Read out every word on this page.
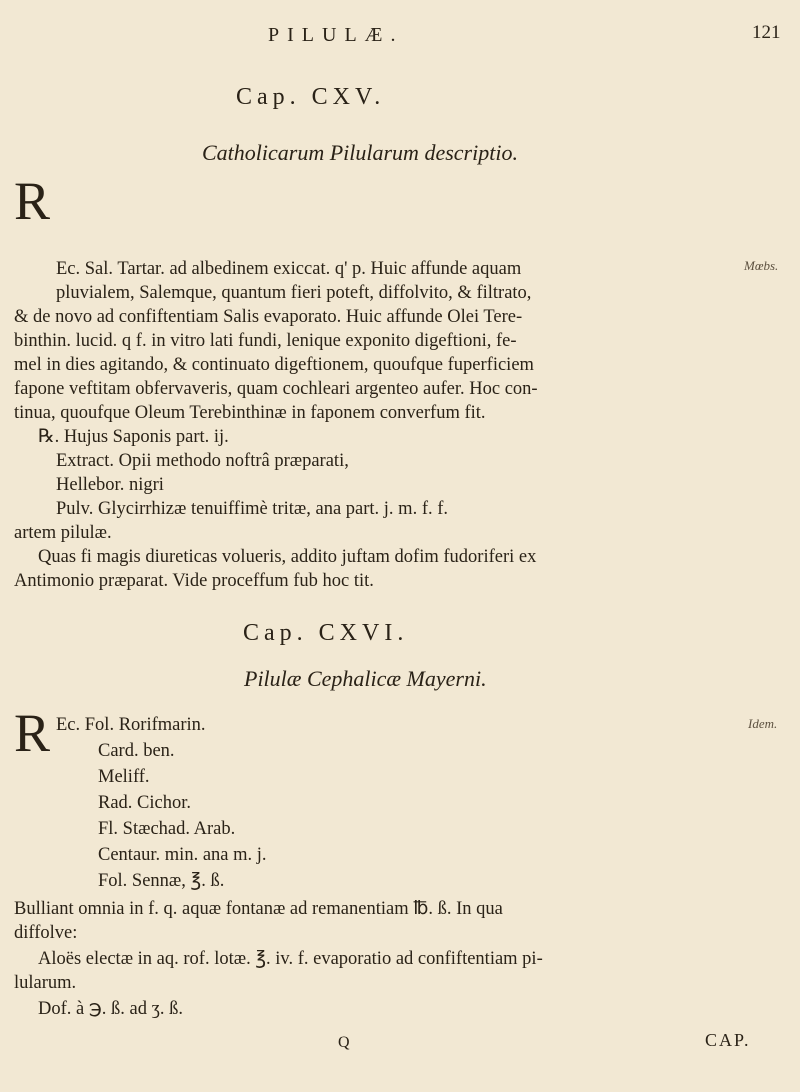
PILULÆ.	121
Cap. CXV.
Catholicarum Pilularum descriptio.
R
Mœbs.
Ec. Sal. Tartar. ad albedinem exiccat. q' p. Huic affunde aquam
pluvialem, Salemque, quantum fieri poteft, diffolvito, & filtrato,
& de novo ad confiftentiam Salis evaporato. Huic affunde Olei Tere-
binthin. lucid. q f. in vitro lati fundi, lenique exponito digeftioni, fe-
mel in dies agitando, & continuato digeftionem, quoufque fuperficiem
fapone veftitam obfervaveris, quam cochleari argenteo aufer. Hoc con-
tinua, quoufque Oleum Terebinthinæ in faponem converfum fit.
℞. Hujus Saponis part. ij.
Extract. Opii methodo noftrâ præparati,
Hellebor. nigri
Pulv. Glycirrhizæ tenuiffimè tritæ, ana part. j. m. f. f.
artem pilulæ.
Quas fi magis diureticas volueris, addito juftam dofim fudoriferi ex
Antimonio præparat. Vide proceffum fub hoc tit.
Cap. CXVI.
Pilulæ Cephalicæ Mayerni.
R	Idem.
Ec. Fol. Rorifmarin.
Card. ben.
Meliff.
Rad. Cichor.
Fl. Stæchad. Arab.
Centaur. min. ana m. j.
Fol. Sennæ, ℥. ß.
Bulliant omnia in f. q. aquæ fontanæ ad remanentiam ℔. ß. In qua
diffolve:
Aloës electæ in aq. rof. lotæ. ℥. iv. f. evaporatio ad confiftentiam pi-
lularum.
Dof. à ℈. ß. ad ʒ. ß.
Q	CAP.
